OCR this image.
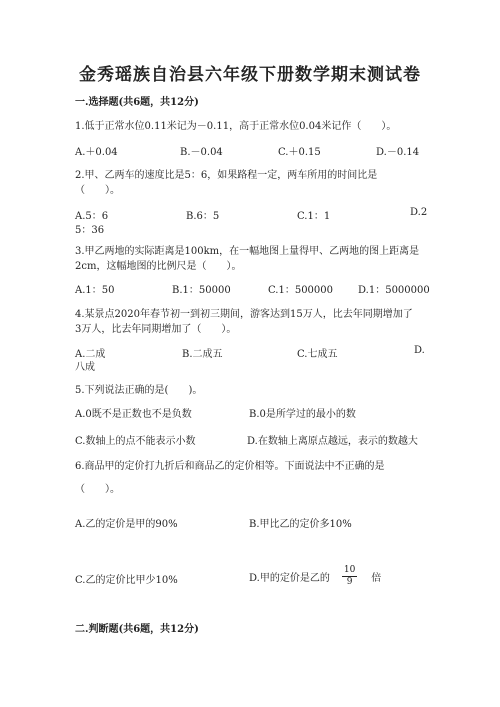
金秀瑶族自治县六年级下册数学期末测试卷
一.选择题(共6题，共12分)
1.低于正常水位0.11米记为－0.11，高于正常水位0.04米记作（　　）。
A.＋0.04	B.－0.04	C.＋0.15	D.－0.14
2.甲、乙两车的速度比是5：6，如果路程一定，两车所用的时间比是
（　　）。
A.5：6	B.6：5	C.1：1	D.2
5：36
3.甲乙两地的实际距离是100km，在一幅地图上量得甲、乙两地的图上距离是
2cm，这幅地图的比例尺是（　　）。
A.1：50	B.1：50000	C.1：500000 D.1：5000000
4.某景点2020年春节初一到初三期间，游客达到15万人，比去年同期增加了
3万人，比去年同期增加了（　　）。
A.二成	B.二成五	C.七成五	D.
八成
5.下列说法正确的是(　　)。
A.0既不是正数也不是负数	B.0是所学过的最小的数
C.数轴上的点不能表示小数	D.在数轴上离原点越远，表示的数越大
6.商品甲的定价打九折后和商品乙的定价相等。下面说法中不正确的是
（　　）。
A.乙的定价是甲的90%	B.甲比乙的定价多10%
C.乙的定价比甲少10%	D.甲的定价是乙的 $\frac{10}{9}$ 倍
二.判断题(共6题，共12分)
